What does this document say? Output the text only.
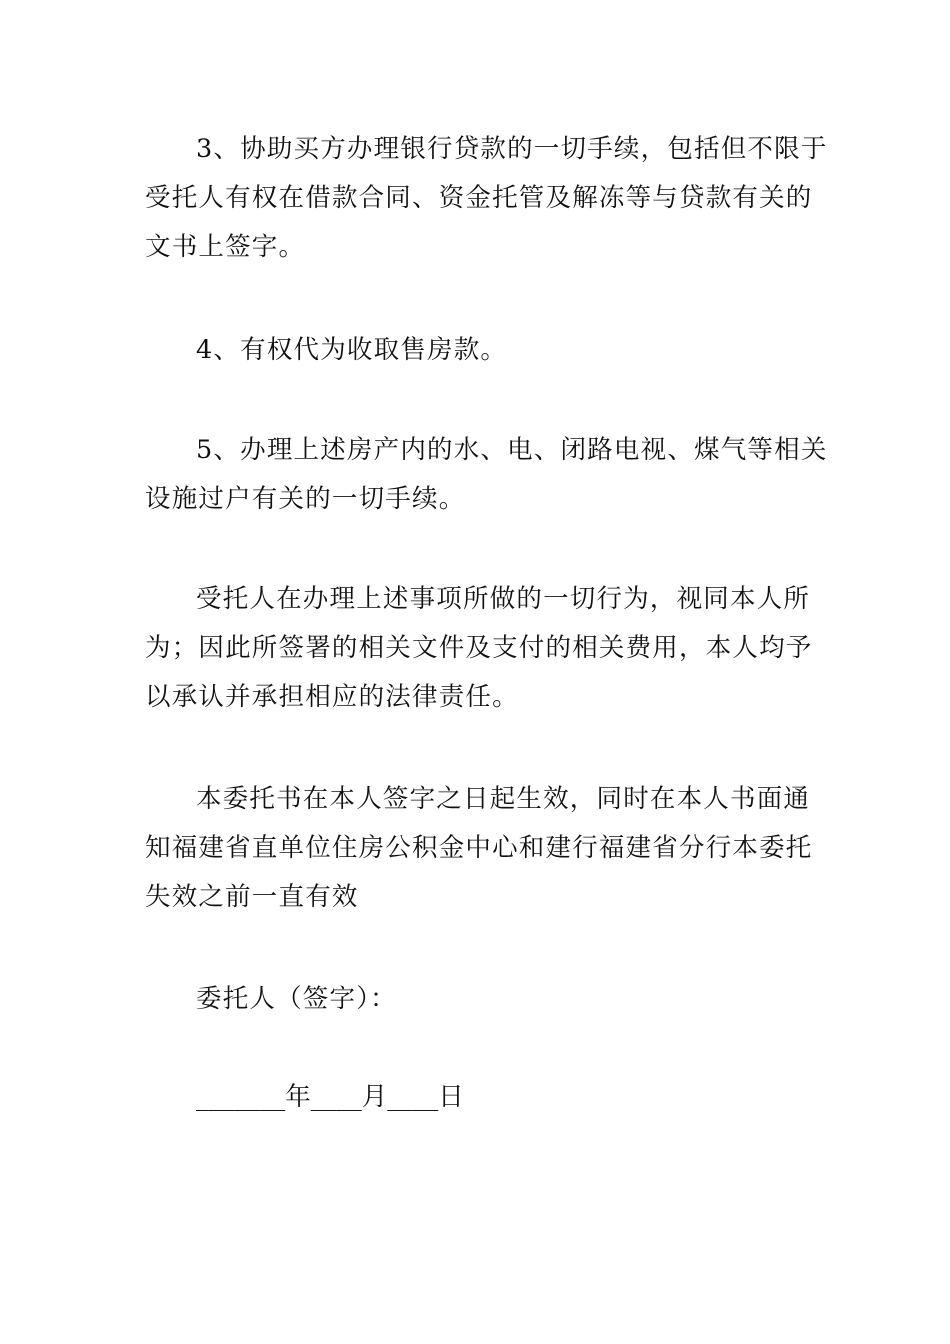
3、协助买方办理银行贷款的一切手续，包括但不限于
受托人有权在借款合同、资金托管及解冻等与贷款有关的
文书上签字。
4、有权代为收取售房款。
5、办理上述房产内的水、电、闭路电视、煤气等相关
设施过户有关的一切手续。
受托人在办理上述事项所做的一切行为，视同本人所
为；因此所签署的相关文件及支付的相关费用，本人均予
以承认并承担相应的法律责任。
本委托书在本人签字之日起生效，同时在本人书面通
知福建省直单位住房公积金中心和建行福建省分行本委托
失效之前一直有效
委托人（签字）：
_______年____月____日
